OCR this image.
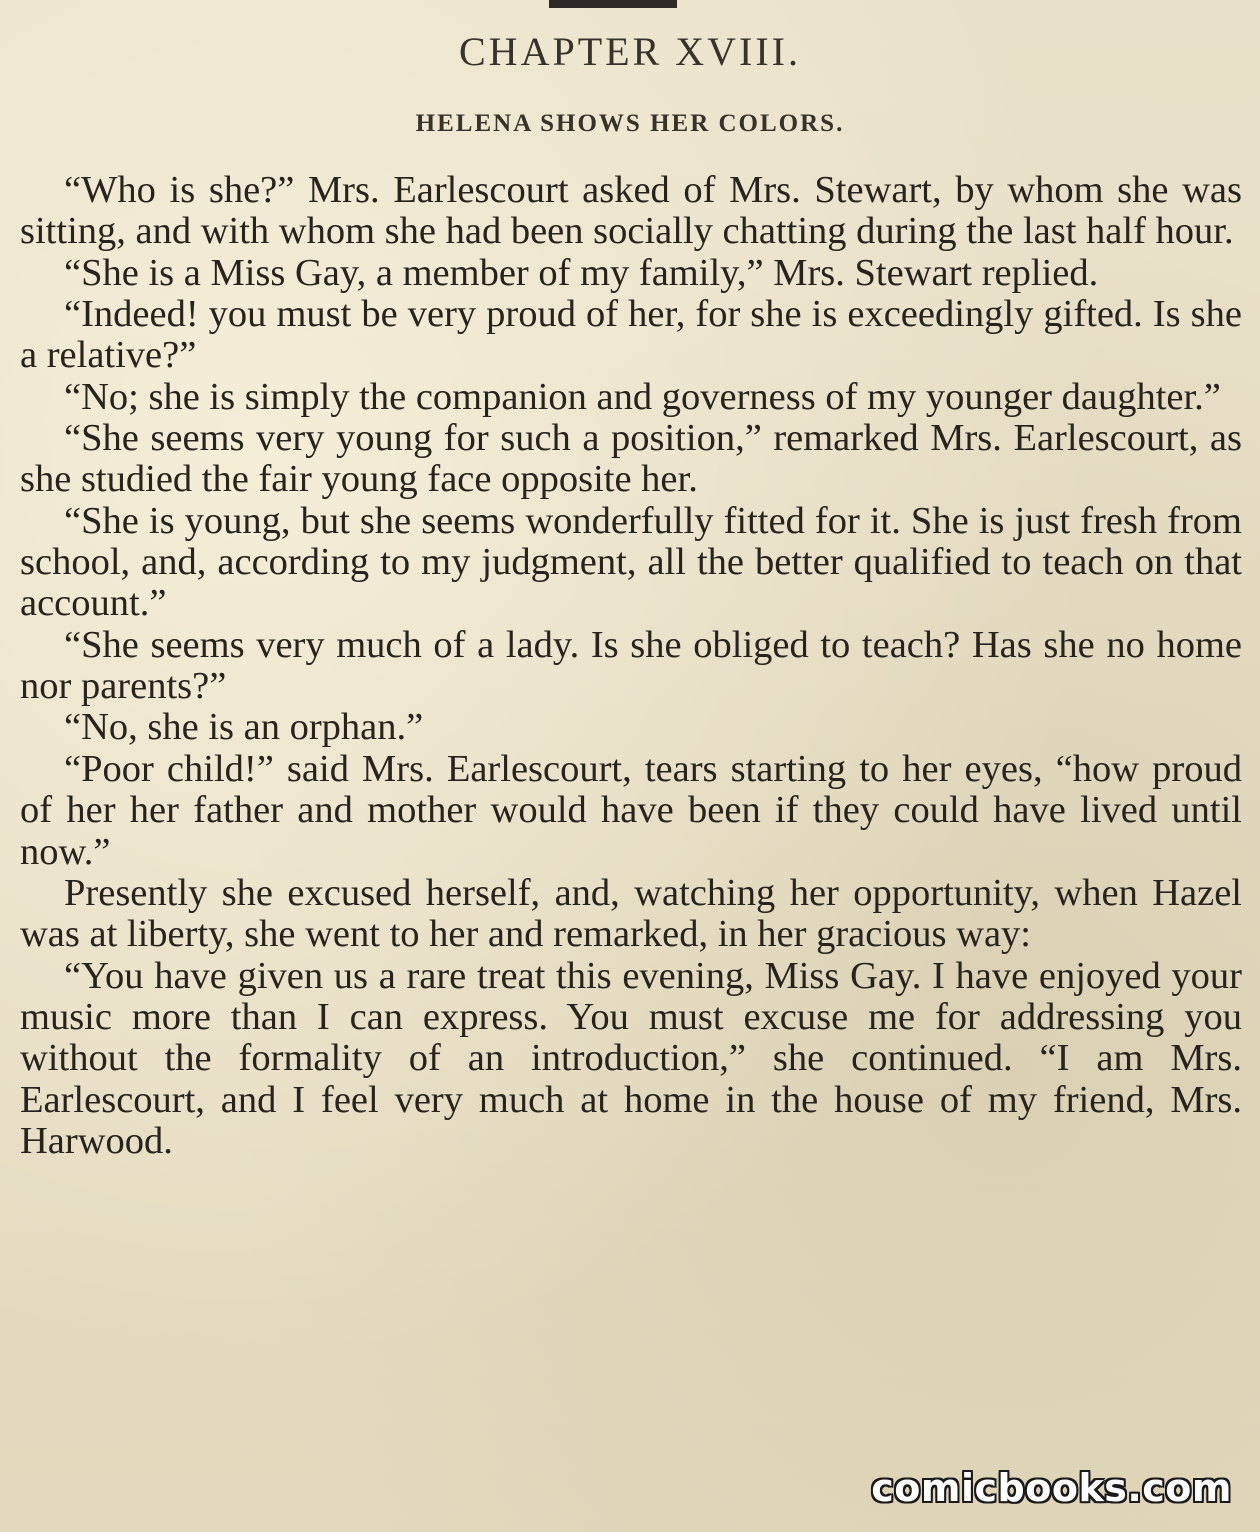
CHAPTER XVIII.
HELENA SHOWS HER COLORS.

“Who is she?” Mrs. Earlescourt asked of Mrs. Stewart, by whom she was sitting, and with whom she had been socially chatting during the last half hour.

“She is a Miss Gay, a member of my family,” Mrs. Stewart replied.

“Indeed! you must be very proud of her, for she is exceedingly gifted. Is she a relative?”

“No; she is simply the companion and governess of my younger daughter.”

“She seems very young for such a position,” remarked Mrs. Earlescourt, as she studied the fair young face opposite her.

“She is young, but she seems wonderfully fitted for it. She is just fresh from school, and, according to my judgment, all the better qualified to teach on that account.”

“She seems very much of a lady. Is she obliged to teach? Has she no home nor parents?”

“No, she is an orphan.”

“Poor child!” said Mrs. Earlescourt, tears starting to her eyes, “how proud of her her father and mother would have been if they could have lived until now.”

Presently she excused herself, and, watching her opportunity, when Hazel was at liberty, she went to her and remarked, in her gracious way:

“You have given us a rare treat this evening, Miss Gay. I have enjoyed your music more than I can express. You must excuse me for addressing you without the formality of an introduction,” she continued. “I am Mrs. Earlescourt, and I feel very much at home in the house of my friend, Mrs. Harwood.

comicbooks.com
